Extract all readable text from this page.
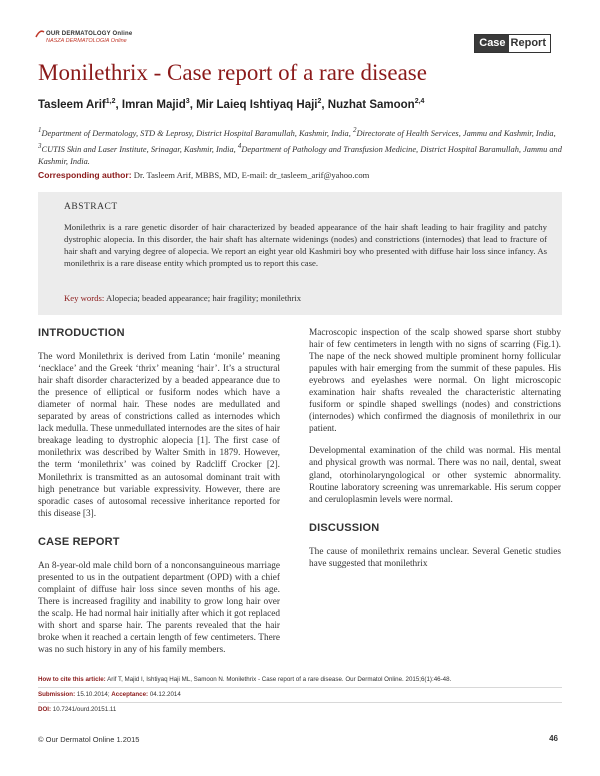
OUR DERMATOLOGY Online
NASZA DERMATOLOGIA Online	Case Report
Monilethrix - Case report of a rare disease
Tasleem Arif$^{1,2}$, Imran Majid$^3$, Mir Laieq Ishtiyaq Haji$^2$, Nuzhat Samoon$^{2,4}$
$^1$Department of Dermatology, STD & Leprosy, District Hospital Baramullah, Kashmir, India, $^2$Directorate of Health Services, Jammu and Kashmir, India, $^3$CUTIS Skin and Laser Institute, Srinagar, Kashmir, India, $^4$Department of Pathology and Transfusion Medicine, District Hospital Baramullah, Jammu and Kashmir, India.
Corresponding author: Dr. Tasleem Arif, MBBS, MD, E-mail: dr_tasleem_arif@yahoo.com
ABSTRACT
Monilethrix is a rare genetic disorder of hair characterized by beaded appearance of the hair shaft leading to hair fragility and patchy dystrophic alopecia. In this disorder, the hair shaft has alternate widenings (nodes) and constrictions (internodes) that lead to fracture of hair shaft and varying degree of alopecia. We report an eight year old Kashmiri boy who presented with diffuse hair loss since infancy. As monilethrix is a rare disease entity which prompted us to report this case.
Key words: Alopecia; beaded appearance; hair fragility; monilethrix
INTRODUCTION

The word Monilethrix is derived from Latin ‘monile’ meaning ‘necklace’ and the Greek ‘thrix’ meaning ‘hair’. It’s a structural hair shaft disorder characterized by a beaded appearance due to the presence of elliptical or fusiform nodes which have a diameter of normal hair. These nodes are medullated and separated by areas of constrictions called as internodes which lack medulla. These unmedullated internodes are the sites of hair breakage leading to dystrophic alopecia [1]. The first case of monilethrix was described by Walter Smith in 1879. However, the term ‘monilethrix’ was coined by Radcliff Crocker [2]. Monilethrix is transmitted as an autosomal dominant trait with high penetrance but variable expressivity. However, there are sporadic cases of autosomal recessive inheritance reported for this disease [3].

CASE REPORT

An 8-year-old male child born of a nonconsanguineous marriage presented to us in the outpatient department (OPD) with a chief complaint of diffuse hair loss since seven months of his age. There is increased fragility and inability to grow long hair over the scalp. He had normal hair initially after which it got replaced with short and sparse hair. The parents revealed that the hair broke when it reached a certain length of few centimeters. There was no such history in any of his family members.

Macroscopic inspection of the scalp showed sparse short stubby hair of few centimeters in length with no signs of scarring (Fig.1). The nape of the neck showed multiple prominent horny follicular papules with hair emerging from the summit of these papules. His eyebrows and eyelashes were normal. On light microscopic examination hair shafts revealed the characteristic alternating fusiform or spindle shaped swellings (nodes) and constrictions (internodes) which confirmed the diagnosis of monilethrix in our patient.

Developmental examination of the child was normal. His mental and physical growth was normal. There was no nail, dental, sweat gland, otorhinolaryngological or other systemic abnormality. Routine laboratory screening was unremarkable. His serum copper and ceruloplasmin levels were normal.

DISCUSSION

The cause of monilethrix remains unclear. Several Genetic studies have suggested that monilethrix

How to cite this article: Arif T, Majid I, Ishtiyaq Haji ML, Samoon N. Monilethrix - Case report of a rare disease. Our Dermatol Online. 2015;6(1):46-48.
Submission: 15.10.2014; Acceptance: 04.12.2014
DOI: 10.7241/ourd.20151.11
© Our Dermatol Online 1.2015	46
